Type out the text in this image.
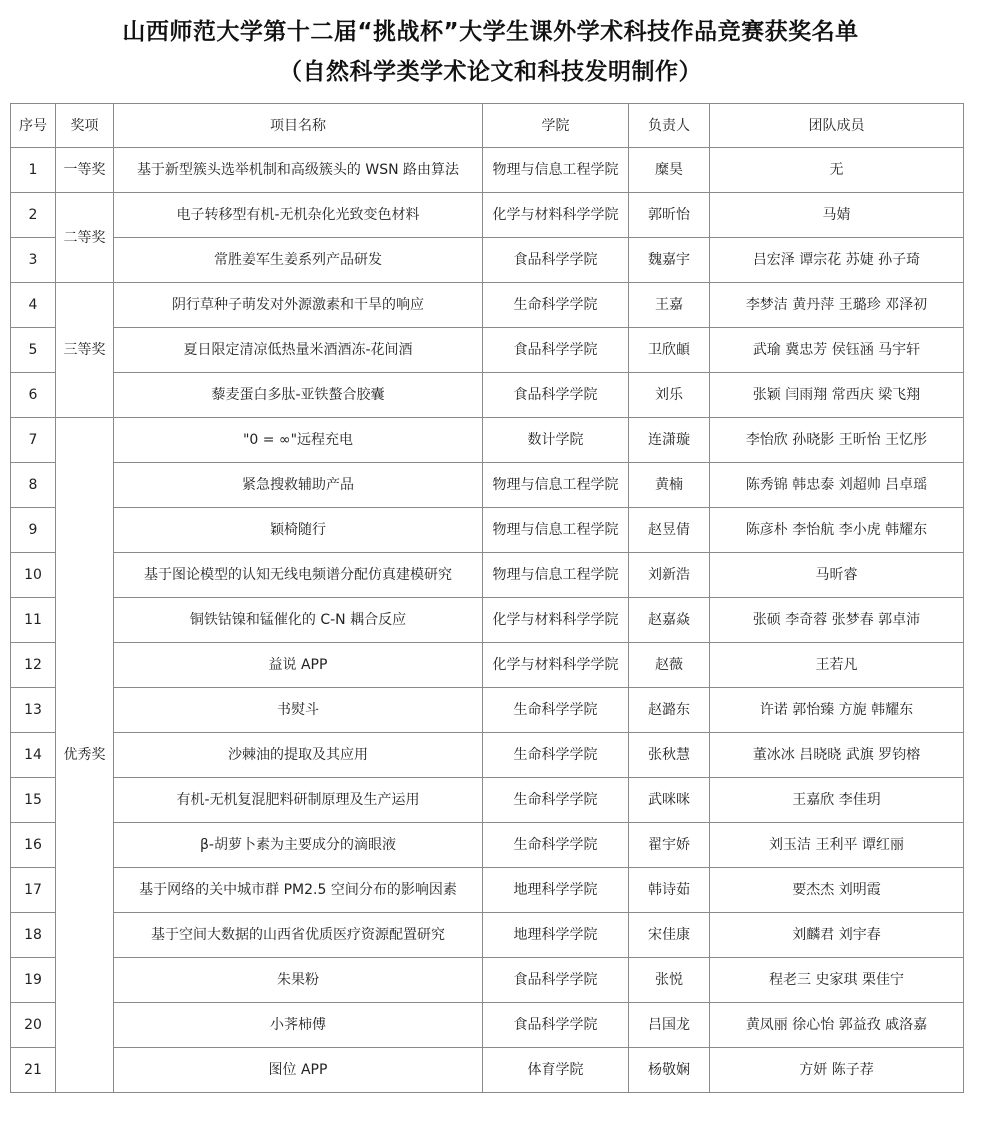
山西师范大学第十二届“挑战杯”大学生课外学术科技作品竞赛获奖名单
（自然科学类学术论文和科技发明制作）
序号	奖项	项目名称	学院	负责人	团队成员
1	一等奖	基于新型簇头选举机制和高级簇头的 WSN 路由算法	物理与信息工程学院	糜昊	无
2	二等奖	电子转移型有机-无机杂化光致变色材料	化学与材料科学学院	郭昕怡	马婧
3		常胜姜军生姜系列产品研发	食品科学学院	魏嘉宇	吕宏泽 谭宗花 苏婕 孙子琦
4	三等奖	阴行草种子萌发对外源激素和干旱的响应	生命科学学院	王嘉	李梦洁 黄丹萍 王璐珍 邓泽初
5		夏日限定清凉低热量米酒酒冻-花间酒	食品科学学院	卫欣頔	武瑜 冀忠芳 侯钰涵 马宇轩
6		藜麦蛋白多肽-亚铁螯合胶囊	食品科学学院	刘乐	张颖 闫雨翔 常西庆 梁飞翔
7	优秀奖	"0 = ∞"远程充电	数计学院	连潇璇	李怡欣 孙晓影 王昕怡 王忆彤
8		紧急搜救辅助产品	物理与信息工程学院	黄楠	陈秀锦 韩忠泰 刘超帅 吕卓瑶
9		颖椅随行	物理与信息工程学院	赵昱倩	陈彦朴 李怡航 李小虎 韩耀东
10		基于图论模型的认知无线电频谱分配仿真建模研究	物理与信息工程学院	刘新浩	马昕睿
11		铜铁钴镍和锰催化的 C-N 耦合反应	化学与材料科学学院	赵嘉焱	张硕 李奇蓉 张梦春 郭卓沛
12		益说 APP	化学与材料科学学院	赵薇	王若凡
13		书熨斗	生命科学学院	赵潞东	许诺 郭怡臻 方旎 韩耀东
14		沙棘油的提取及其应用	生命科学学院	张秋慧	董冰冰 吕晓晓 武旗 罗钧榕
15		有机-无机复混肥料研制原理及生产运用	生命科学学院	武咪咪	王嘉欣 李佳玥
16		β-胡萝卜素为主要成分的滴眼液	生命科学学院	翟宇娇	刘玉洁 王利平 谭红丽
17		基于网络的关中城市群 PM2.5 空间分布的影响因素	地理科学学院	韩诗茹	要杰杰 刘明霞
18		基于空间大数据的山西省优质医疗资源配置研究	地理科学学院	宋佳康	刘麟君 刘宇春
19		朱果粉	食品科学学院	张悦	程老三 史家琪 栗佳宁
20		小荠柿傅	食品科学学院	吕国龙	黄凤丽 徐心怡 郭益孜 戚洛嘉
21		图位 APP	体育学院	杨敬娴	方妍 陈子荐
